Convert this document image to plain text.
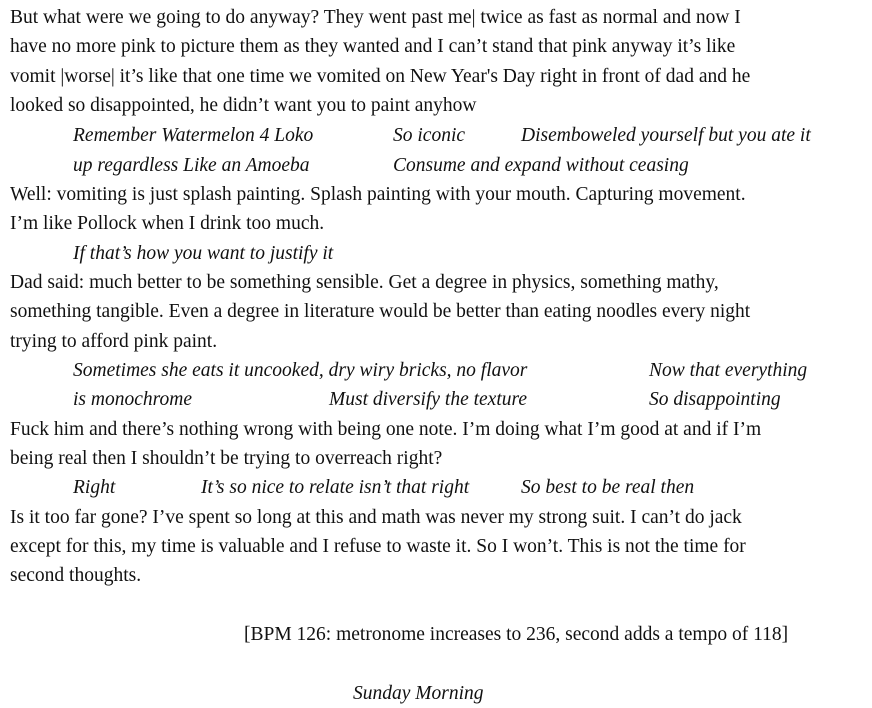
But what were we going to do anyway? They went past me| twice as fast as normal and now I
have no more pink to picture them as they wanted and I can’t stand that pink anyway it’s like
vomit |worse| it’s like that one time we vomited on New Year's Day right in front of dad and he
looked so disappointed, he didn’t want you to paint anyhow
Remember Watermelon 4 Loko	So iconic	Disemboweled yourself but you ate it
up regardless Like an Amoeba	Consume and expand without ceasing
Well: vomiting is just splash painting. Splash painting with your mouth. Capturing movement.
I’m like Pollock when I drink too much.
If that’s how you want to justify it
Dad said: much better to be something sensible. Get a degree in physics, something mathy,
something tangible. Even a degree in literature would be better than eating noodles every night
trying to afford pink paint.
Sometimes she eats it uncooked, dry wiry bricks, no flavor	Now that everything
is monochrome	Must diversify the texture	So disappointing
Fuck him and there’s nothing wrong with being one note. I’m doing what I’m good at and if I’m
being real then I shouldn’t be trying to overreach right?
Right	It’s so nice to relate isn’t that right	So best to be real then
Is it too far gone? I’ve spent so long at this and math was never my strong suit. I can’t do jack
except for this, my time is valuable and I refuse to waste it. So I won’t. This is not the time for
second thoughts.
[BPM 126: metronome increases to 236, second adds a tempo of 118]
Sunday Morning
